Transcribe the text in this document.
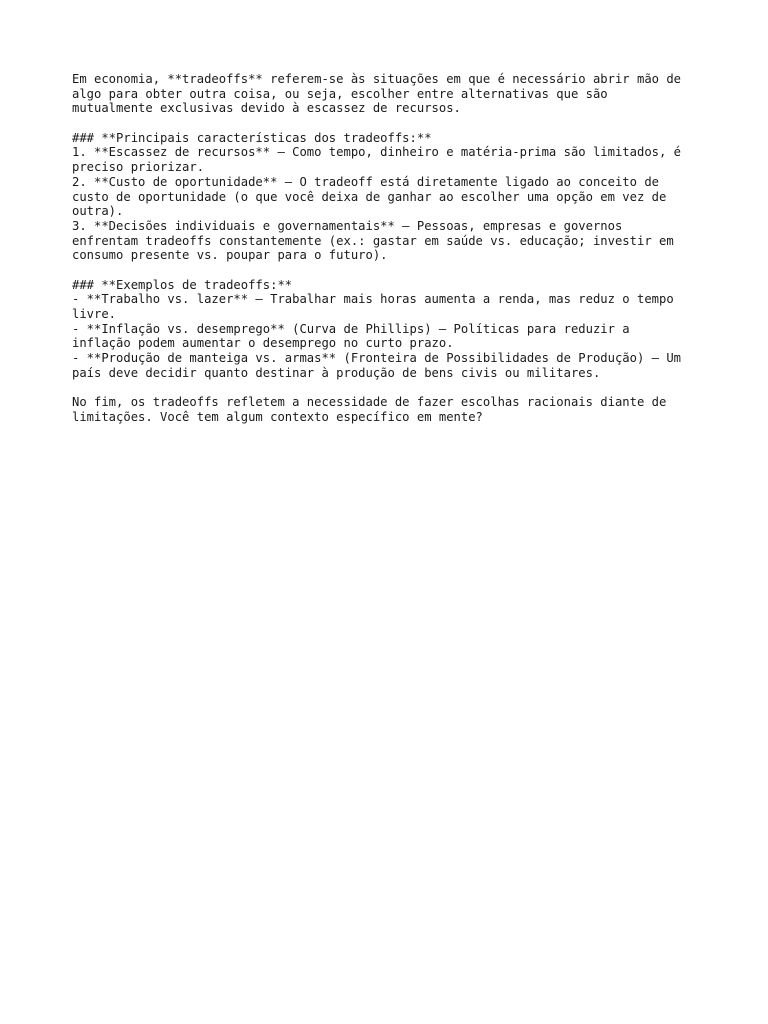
Em economia, **tradeoffs** referem-se às situações em que é necessário abrir mão de
algo para obter outra coisa, ou seja, escolher entre alternativas que são
mutualmente exclusivas devido à escassez de recursos.
### **Principais características dos tradeoffs:**
1. **Escassez de recursos** – Como tempo, dinheiro e matéria-prima são limitados, é
preciso priorizar.
2. **Custo de oportunidade** – O tradeoff está diretamente ligado ao conceito de
custo de oportunidade (o que você deixa de ganhar ao escolher uma opção em vez de
outra).
3. **Decisões individuais e governamentais** – Pessoas, empresas e governos
enfrentam tradeoffs constantemente (ex.: gastar em saúde vs. educação; investir em
consumo presente vs. poupar para o futuro).
### **Exemplos de tradeoffs:**
- **Trabalho vs. lazer** – Trabalhar mais horas aumenta a renda, mas reduz o tempo
livre.
- **Inflação vs. desemprego** (Curva de Phillips) – Políticas para reduzir a
inflação podem aumentar o desemprego no curto prazo.
- **Produção de manteiga vs. armas** (Fronteira de Possibilidades de Produção) – Um
país deve decidir quanto destinar à produção de bens civis ou militares.
No fim, os tradeoffs refletem a necessidade de fazer escolhas racionais diante de
limitações. Você tem algum contexto específico em mente?
